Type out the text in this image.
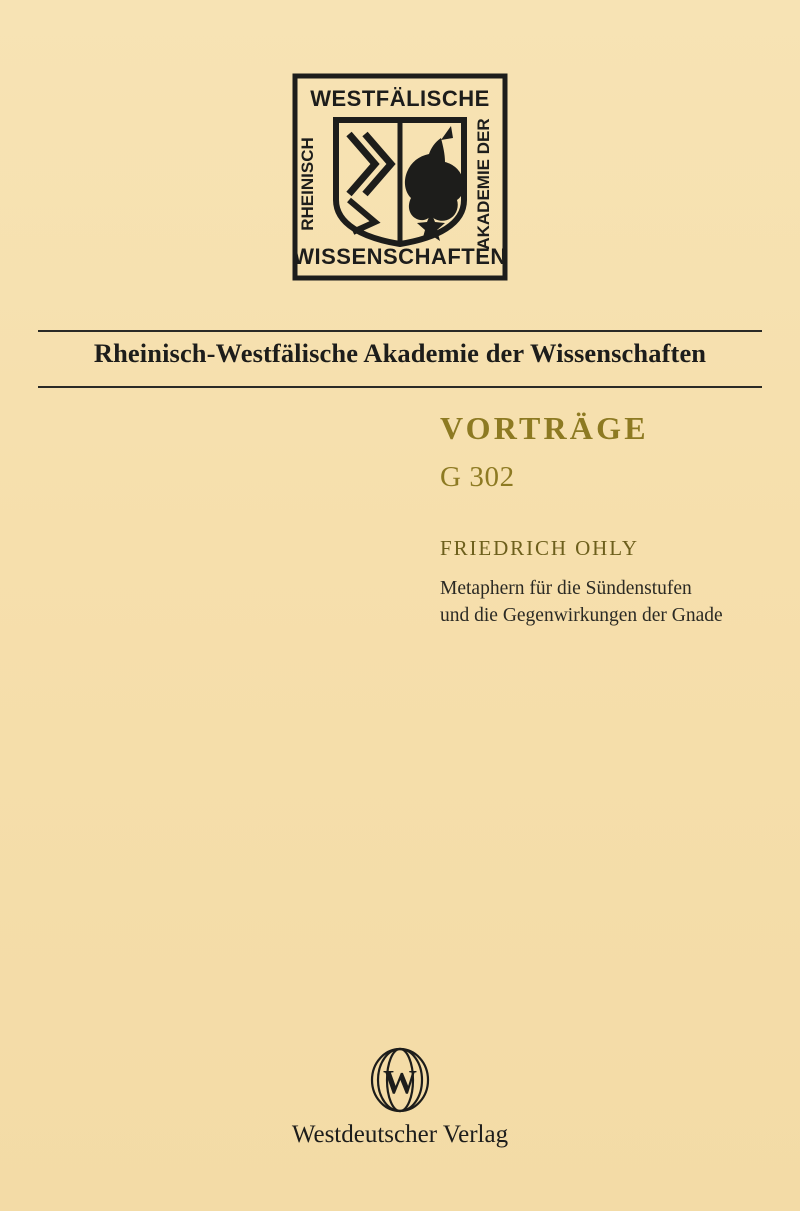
WESTFÄLISCHE
RHEINISCH	AKADEMIE DER
WISSENSCHAFTEN
Rheinisch-Westfälische Akademie der Wissenschaften
VORTRÄGE
G 302
FRIEDRICH OHLY
Metaphern für die Sündenstufen
und die Gegenwirkungen der Gnade
W
Westdeutscher Verlag
